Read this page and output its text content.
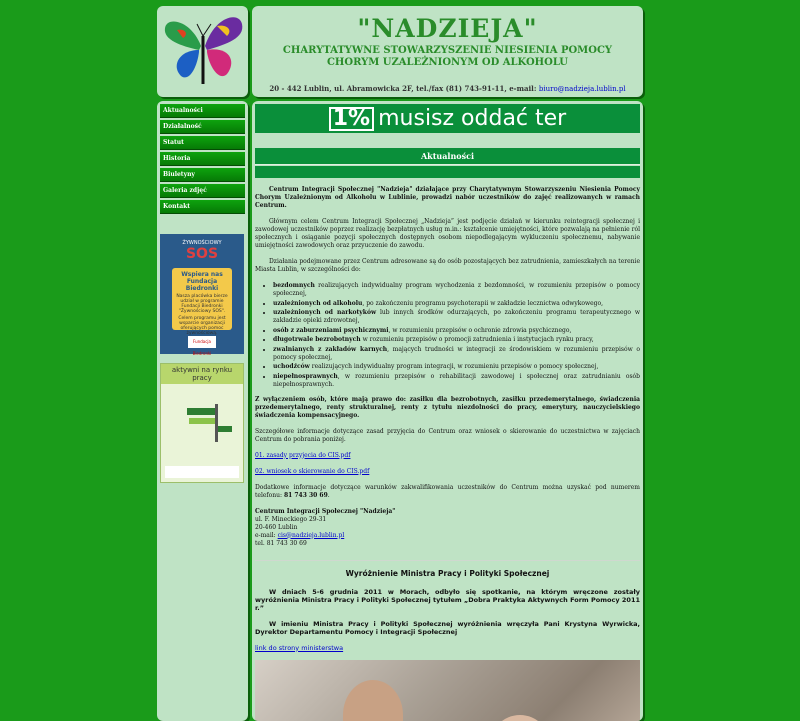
"NADZIEJA"
CHARYTATYWNE STOWARZYSZENIE NIESIENIA POMOCY CHORYM UZALEŻNIONYM OD ALKOHOLU
20 - 442 Lublin, ul. Abramowicka 2F, tel./fax (81) 743-91-11, e-mail: biuro@nadzieja.lublin.pl
Aktualności
Działalność
Statut
Historia
Biuletyny
Galeria zdjęć
Kontakt
ŻYWNOŚCIOWY
SOS
Wspiera nas Fundacja Biedronki
Nasza placówka bierze udział w programie Fundacji Biedronki "Żywnościowy SOS".
Celem programu jest wsparcie organizacji oferujących pomoc żywnościową.
Fundacja Biedronki
aktywni na rynku pracy
1% musisz oddać ter
Aktualności

Centrum Integracji Społecznej "Nadzieja" działające przy Charytatywnym Stowarzyszeniu Niesienia Pomocy Chorym Uzależnionym od Alkoholu w Lublinie, prowadzi nabór uczestników do zajęć realizowanych w ramach Centrum.

Głównym celem Centrum Integracji Społecznej „Nadzieja” jest podjęcie działań w kierunku reintegracji społecznej i zawodowej uczestników poprzez realizację bezpłatnych usług m.in.: kształcenie umiejętności, które pozwalają na pełnienie ról społecznych i osiąganie pozycji społecznych dostępnych osobom niepodlegającym wykluczeniu społecznemu, nabywanie umiejętności zawodowych oraz przyuczenie do zawodu.

Działania podejmowane przez Centrum adresowane są do osób pozostających bez zatrudnienia, zamieszkałych na terenie Miasta Lublin, w szczególności do:

• bezdomnych realizujących indywidualny program wychodzenia z bezdomności, w rozumieniu przepisów o pomocy społecznej,
• uzależnionych od alkoholu, po zakończeniu programu psychoterapii w zakładzie lecznictwa odwykowego,
• uzależnionych od narkotyków lub innych środków odurzających, po zakończeniu programu terapeutycznego w zakładzie opieki zdrowotnej,
• osób z zaburzeniami psychicznymi, w rozumieniu przepisów o ochronie zdrowia psychicznego,
• długotrwale bezrobotnych w rozumieniu przepisów o promocji zatrudnienia i instytucjach rynku pracy,
• zwalnianych z zakładów karnych, mających trudności w integracji ze środowiskiem w rozumieniu przepisów o pomocy społecznej,
• uchodźców realizujących indywidualny program integracji, w rozumieniu przepisów o pomocy społecznej,
• niepełnosprawnych, w rozumieniu przepisów o rehabilitacji zawodowej i społecznej oraz zatrudnianiu osób niepełnosprawnych.

Z wyłączeniem osób, które mają prawo do: zasiłku dla bezrobotnych, zasiłku przedemerytalnego, świadczenia przedemerytalnego, renty strukturalnej, renty z tytułu niezdolności do pracy, emerytury, nauczycielskiego świadczenia kompensacyjnego.

Szczegółowe informacje dotyczące zasad przyjęcia do Centrum oraz wniosek o skierowanie do uczestnictwa w zajęciach Centrum do pobrania poniżej.

01. zasady przyjecia do CIS.pdf

02. wniosek o skierowanie do CIS.pdf

Dodatkowe informacje dotyczące warunków zakwalifikowania uczestników do Centrum można uzyskać pod numerem telefonu: 81 743 30 69.

Centrum Integracji Społecznej "Nadzieja"
ul. F. Mineckiego 29-31
20-460 Lublin
e-mail: cis@nadzieja.lublin.pl
tel. 81 743 30 69

Wyróżnienie Ministra Pracy i Polityki Społecznej

W dniach 5-6 grudnia 2011 w Morach, odbyło się spotkanie, na którym wręczone zostały wyróżnienia Ministra Pracy i Polityki Społecznej tytułem „Dobra Praktyka Aktywnych Form Pomocy 2011 r.”

W imieniu Ministra Pracy i Polityki Społecznej wyróżnienia wręczyła Pani Krystyna Wyrwicka, Dyrektor Departamentu Pomocy i Integracji Społecznej

link do strony ministerstwa
